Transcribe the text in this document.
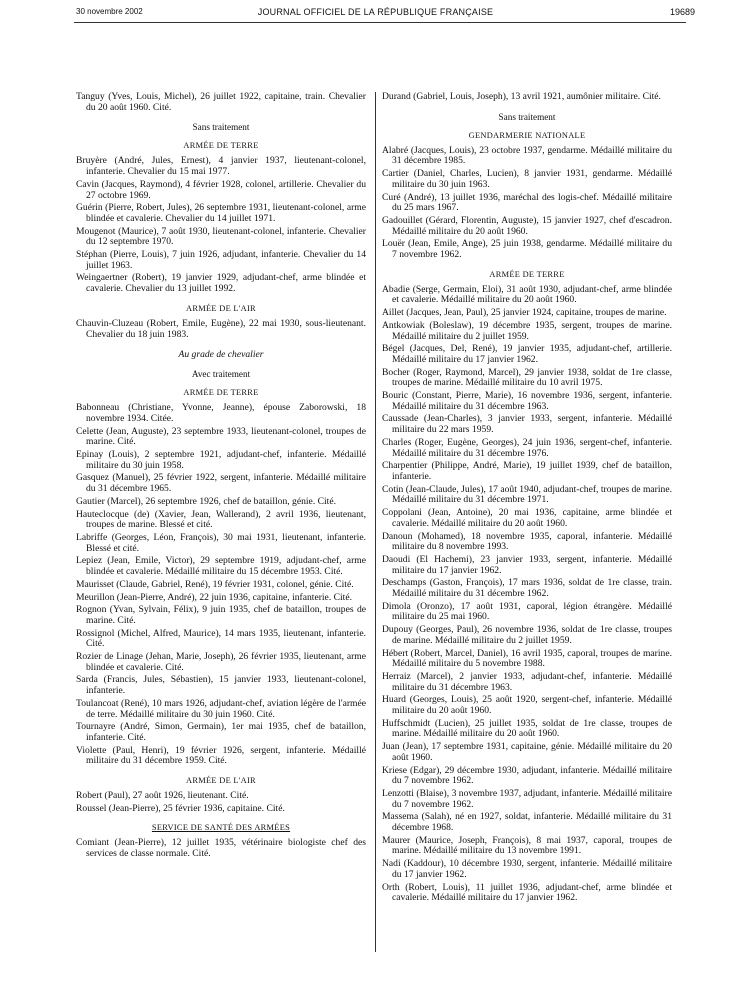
30 novembre 2002	JOURNAL OFFICIEL DE LA RÉPUBLIQUE FRANÇAISE	19689

Tanguy (Yves, Louis, Michel), 26 juillet 1922, capitaine, train. Chevalier du 20 août 1960. Cité.

Sans traitement
ARMÉE DE TERRE

Bruyère (André, Jules, Ernest), 4 janvier 1937, lieutenant-colonel, infanterie. Chevalier du 15 mai 1977.

Cavin (Jacques, Raymond), 4 février 1928, colonel, artillerie. Chevalier du 27 octobre 1969.

Guérin (Pierre, Robert, Jules), 26 septembre 1931, lieutenant-colonel, arme blindée et cavalerie. Chevalier du 14 juillet 1971.

Mougenot (Maurice), 7 août 1930, lieutenant-colonel, infanterie. Chevalier du 12 septembre 1970.

Stéphan (Pierre, Louis), 7 juin 1926, adjudant, infanterie. Chevalier du 14 juillet 1963.

Weingaertner (Robert), 19 janvier 1929, adjudant-chef, arme blindée et cavalerie. Chevalier du 13 juillet 1992.

ARMÉE DE L'AIR

Chauvin-Cluzeau (Robert, Emile, Eugène), 22 mai 1930, sous-lieutenant. Chevalier du 18 juin 1983.

Au grade de chevalier
Avec traitement
ARMÉE DE TERRE

Babonneau (Christiane, Yvonne, Jeanne), épouse Zaborowski, 18 novembre 1934. Citée.

Celette (Jean, Auguste), 23 septembre 1933, lieutenant-colonel, troupes de marine. Cité.

Epinay (Louis), 2 septembre 1921, adjudant-chef, infanterie. Médaillé militaire du 30 juin 1958.

Gasquez (Manuel), 25 février 1922, sergent, infanterie. Médaillé militaire du 31 décembre 1965.

Gautier (Marcel), 26 septembre 1926, chef de bataillon, génie. Cité.

Hauteclocque (de) (Xavier, Jean, Wallerand), 2 avril 1936, lieutenant, troupes de marine. Blessé et cité.

Labriffe (Georges, Léon, François), 30 mai 1931, lieutenant, infanterie. Blessé et cité.

Lepiez (Jean, Emile, Victor), 29 septembre 1919, adjudant-chef, arme blindée et cavalerie. Médaillé militaire du 15 décembre 1953. Cité.

Maurisset (Claude, Gabriel, René), 19 février 1931, colonel, génie. Cité.

Meurillon (Jean-Pierre, André), 22 juin 1936, capitaine, infanterie. Cité.

Rognon (Yvan, Sylvain, Félix), 9 juin 1935, chef de bataillon, troupes de marine. Cité.

Rossignol (Michel, Alfred, Maurice), 14 mars 1935, lieutenant, infanterie. Cité.

Rozier de Linage (Jehan, Marie, Joseph), 26 février 1935, lieutenant, arme blindée et cavalerie. Cité.

Sarda (Francis, Jules, Sébastien), 15 janvier 1933, lieutenant-colonel, infanterie.

Toulancoat (René), 10 mars 1926, adjudant-chef, aviation légère de l'armée de terre. Médaillé militaire du 30 juin 1960. Cité.

Tournayre (André, Simon, Germain), 1er mai 1935, chef de bataillon, infanterie. Cité.

Violette (Paul, Henri), 19 février 1926, sergent, infanterie. Médaillé militaire du 31 décembre 1959. Cité.

ARMÉE DE L'AIR

Robert (Paul), 27 août 1926, lieutenant. Cité.

Roussel (Jean-Pierre), 25 février 1936, capitaine. Cité.

SERVICE DE SANTÉ DES ARMÉES

Comiant (Jean-Pierre), 12 juillet 1935, vétérinaire biologiste chef des services de classe normale. Cité.

Durand (Gabriel, Louis, Joseph), 13 avril 1921, aumônier militaire. Cité.

Sans traitement
GENDARMERIE NATIONALE

Alabré (Jacques, Louis), 23 octobre 1937, gendarme. Médaillé militaire du 31 décembre 1985.

Cartier (Daniel, Charles, Lucien), 8 janvier 1931, gendarme. Médaillé militaire du 30 juin 1963.

Curé (André), 13 juillet 1936, maréchal des logis-chef. Médaillé militaire du 25 mars 1967.

Gadouillet (Gérard, Florentin, Auguste), 15 janvier 1927, chef d'escadron. Médaillé militaire du 20 août 1960.

Louër (Jean, Emile, Ange), 25 juin 1938, gendarme. Médaillé militaire du 7 novembre 1962.

ARMÉE DE TERRE

Abadie (Serge, Germain, Eloi), 31 août 1930, adjudant-chef, arme blindée et cavalerie. Médaillé militaire du 20 août 1960.

Aillet (Jacques, Jean, Paul), 25 janvier 1924, capitaine, troupes de marine.

Antkowiak (Boleslaw), 19 décembre 1935, sergent, troupes de marine. Médaillé militaire du 2 juillet 1959.

Bégel (Jacques, Del, René), 19 janvier 1935, adjudant-chef, artillerie. Médaillé militaire du 17 janvier 1962.

Bocher (Roger, Raymond, Marcel), 29 janvier 1938, soldat de 1re classe, troupes de marine. Médaillé militaire du 10 avril 1975.

Bouric (Constant, Pierre, Marie), 16 novembre 1936, sergent, infanterie. Médaillé militaire du 31 décembre 1963.

Caussade (Jean-Charles), 3 janvier 1933, sergent, infanterie. Médaillé militaire du 22 mars 1959.

Charles (Roger, Eugène, Georges), 24 juin 1936, sergent-chef, infanterie. Médaillé militaire du 31 décembre 1976.

Charpentier (Philippe, André, Marie), 19 juillet 1939, chef de bataillon, infanterie.

Cotin (Jean-Claude, Jules), 17 août 1940, adjudant-chef, troupes de marine. Médaillé militaire du 31 décembre 1971.

Coppolani (Jean, Antoine), 20 mai 1936, capitaine, arme blindée et cavalerie. Médaillé militaire du 20 août 1960.

Danoun (Mohamed), 18 novembre 1935, caporal, infanterie. Médaillé militaire du 8 novembre 1993.

Daoudi (El Hachemi), 23 janvier 1933, sergent, infanterie. Médaillé militaire du 17 janvier 1962.

Deschamps (Gaston, François), 17 mars 1936, soldat de 1re classe, train. Médaillé militaire du 31 décembre 1962.

Dimola (Oronzo), 17 août 1931, caporal, légion étrangère. Médaillé militaire du 25 mai 1960.

Dupouy (Georges, Paul), 26 novembre 1936, soldat de 1re classe, troupes de marine. Médaillé militaire du 2 juillet 1959.

Hébert (Robert, Marcel, Daniel), 16 avril 1935, caporal, troupes de marine. Médaillé militaire du 5 novembre 1988.

Herraiz (Marcel), 2 janvier 1933, adjudant-chef, infanterie. Médaillé militaire du 31 décembre 1963.

Huard (Georges, Louis), 25 août 1920, sergent-chef, infanterie. Médaillé militaire du 20 août 1960.

Huffschmidt (Lucien), 25 juillet 1935, soldat de 1re classe, troupes de marine. Médaillé militaire du 20 août 1960.

Juan (Jean), 17 septembre 1931, capitaine, génie. Médaillé militaire du 20 août 1960.

Kriese (Edgar), 29 décembre 1930, adjudant, infanterie. Médaillé militaire du 7 novembre 1962.

Lenzotti (Blaise), 3 novembre 1937, adjudant, infanterie. Médaillé militaire du 7 novembre 1962.

Massema (Salah), né en 1927, soldat, infanterie. Médaillé militaire du 31 décembre 1968.

Maurer (Maurice, Joseph, François), 8 mai 1937, caporal, troupes de marine. Médaillé militaire du 13 novembre 1991.

Nadi (Kaddour), 10 décembre 1930, sergent, infanterie. Médaillé militaire du 17 janvier 1962.

Orth (Robert, Louis), 11 juillet 1936, adjudant-chef, arme blindée et cavalerie. Médaillé militaire du 17 janvier 1962.
